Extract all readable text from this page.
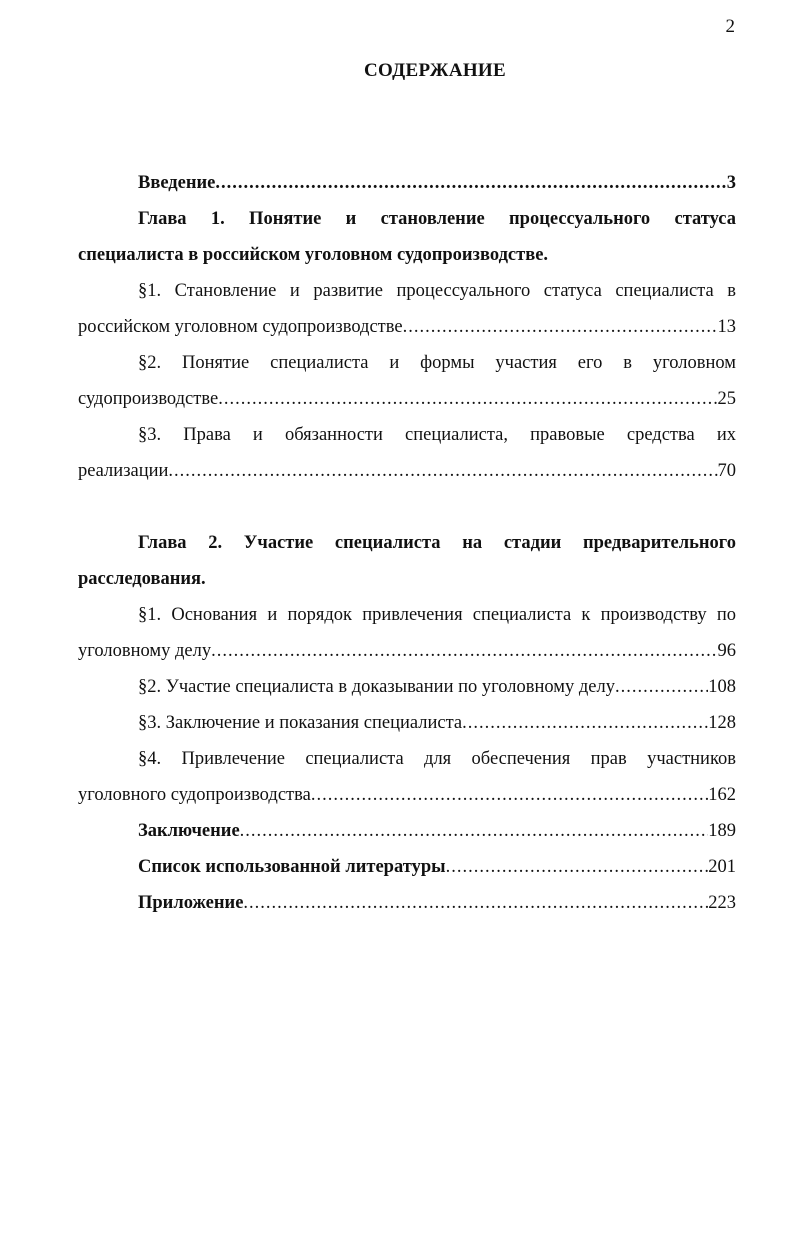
2
СОДЕРЖАНИЕ
Введение .....	3
Глава 1. Понятие и становление процессуального статуса
специалиста в российском уголовном судопроизводстве.
§1. Становление и развитие процессуального статуса специалиста в
российском уголовном судопроизводстве .....	13
§2. Понятие специалиста и формы участия его в уголовном
судопроизводстве .....	25
§3. Права и обязанности специалиста, правовые средства их
реализации .....	70
Глава 2. Участие специалиста на стадии предварительного
расследования.
§1. Основания и порядок привлечения специалиста к производству по
уголовному делу .....	96
§2. Участие специалиста в доказывании по уголовному делу .....	108
§3. Заключение и показания специалиста .....	128
§4. Привлечение специалиста для обеспечения прав участников
уголовного судопроизводства .....	162
Заключение .....	189
Список использованной литературы .....	201
Приложение .....	223
